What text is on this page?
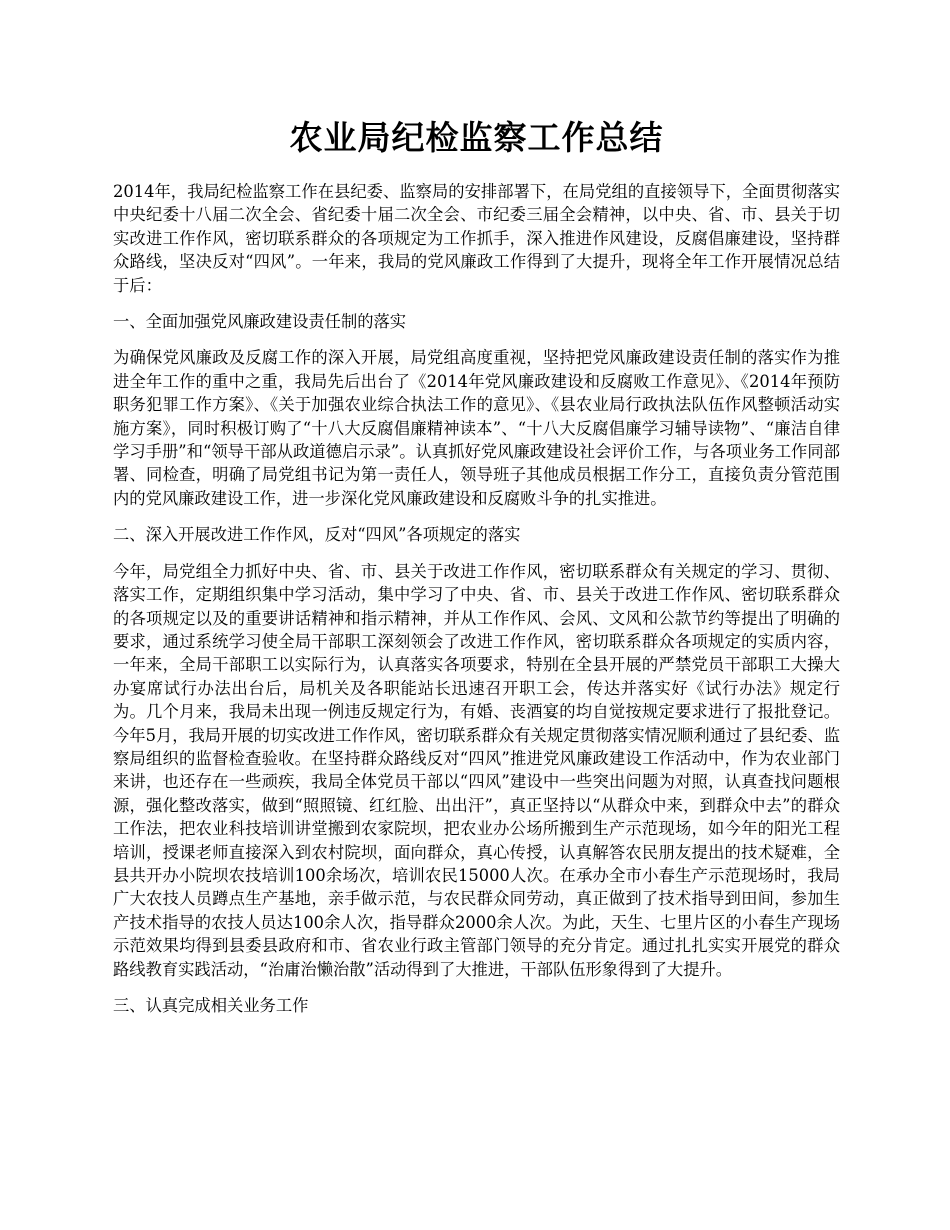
农业局纪检监察工作总结

2014年，我局纪检监察工作在县纪委、监察局的安排部署下，在局党组的直接领导下，全面贯彻落实中央纪委十八届二次全会、省纪委十届二次全会、市纪委三届全会精神，以中央、省、市、县关于切实改进工作作风，密切联系群众的各项规定为工作抓手，深入推进作风建设，反腐倡廉建设，坚持群众路线，坚决反对“四风”。一年来，我局的党风廉政工作得到了大提升，现将全年工作开展情况总结于后：

一、全面加强党风廉政建设责任制的落实

为确保党风廉政及反腐工作的深入开展，局党组高度重视，坚持把党风廉政建设责任制的落实作为推进全年工作的重中之重，我局先后出台了《2014年党风廉政建设和反腐败工作意见》、《2014年预防职务犯罪工作方案》、《关于加强农业综合执法工作的意见》、《县农业局行政执法队伍作风整顿活动实施方案》，同时积极订购了“十八大反腐倡廉精神读本”、“十八大反腐倡廉学习辅导读物”、“廉洁自律学习手册”和“领导干部从政道德启示录”。认真抓好党风廉政建设社会评价工作，与各项业务工作同部署、同检查，明确了局党组书记为第一责任人，领导班子其他成员根据工作分工，直接负责分管范围内的党风廉政建设工作，进一步深化党风廉政建设和反腐败斗争的扎实推进。

二、深入开展改进工作作风，反对“四风”各项规定的落实

今年，局党组全力抓好中央、省、市、县关于改进工作作风，密切联系群众有关规定的学习、贯彻、落实工作，定期组织集中学习活动，集中学习了中央、省、市、县关于改进工作作风、密切联系群众的各项规定以及的重要讲话精神和指示精神，并从工作作风、会风、文风和公款节约等提出了明确的要求，通过系统学习使全局干部职工深刻领会了改进工作作风，密切联系群众各项规定的实质内容，一年来，全局干部职工以实际行为，认真落实各项要求，特别在全县开展的严禁党员干部职工大操大办宴席试行办法出台后，局机关及各职能站长迅速召开职工会，传达并落实好《试行办法》规定行为。几个月来，我局未出现一例违反规定行为，有婚、丧酒宴的均自觉按规定要求进行了报批登记。今年5月，我局开展的切实改进工作作风，密切联系群众有关规定贯彻落实情况顺利通过了县纪委、监察局组织的监督检查验收。在坚持群众路线反对“四风”推进党风廉政建设工作活动中，作为农业部门来讲，也还存在一些顽疾，我局全体党员干部以“四风”建设中一些突出问题为对照，认真查找问题根源，强化整改落实，做到“照照镜、红红脸、出出汗”，真正坚持以“从群众中来，到群众中去”的群众工作法，把农业科技培训讲堂搬到农家院坝，把农业办公场所搬到生产示范现场，如今年的阳光工程培训，授课老师直接深入到农村院坝，面向群众，真心传授，认真解答农民朋友提出的技术疑难，全县共开办小院坝农技培训100余场次，培训农民15000人次。在承办全市小春生产示范现场时，我局广大农技人员蹲点生产基地，亲手做示范，与农民群众同劳动，真正做到了技术指导到田间，参加生产技术指导的农技人员达100余人次，指导群众2000余人次。为此，天生、七里片区的小春生产现场示范效果均得到县委县政府和市、省农业行政主管部门领导的充分肯定。通过扎扎实实开展党的群众路线教育实践活动，“治庸治懒治散”活动得到了大推进，干部队伍形象得到了大提升。

三、认真完成相关业务工作
